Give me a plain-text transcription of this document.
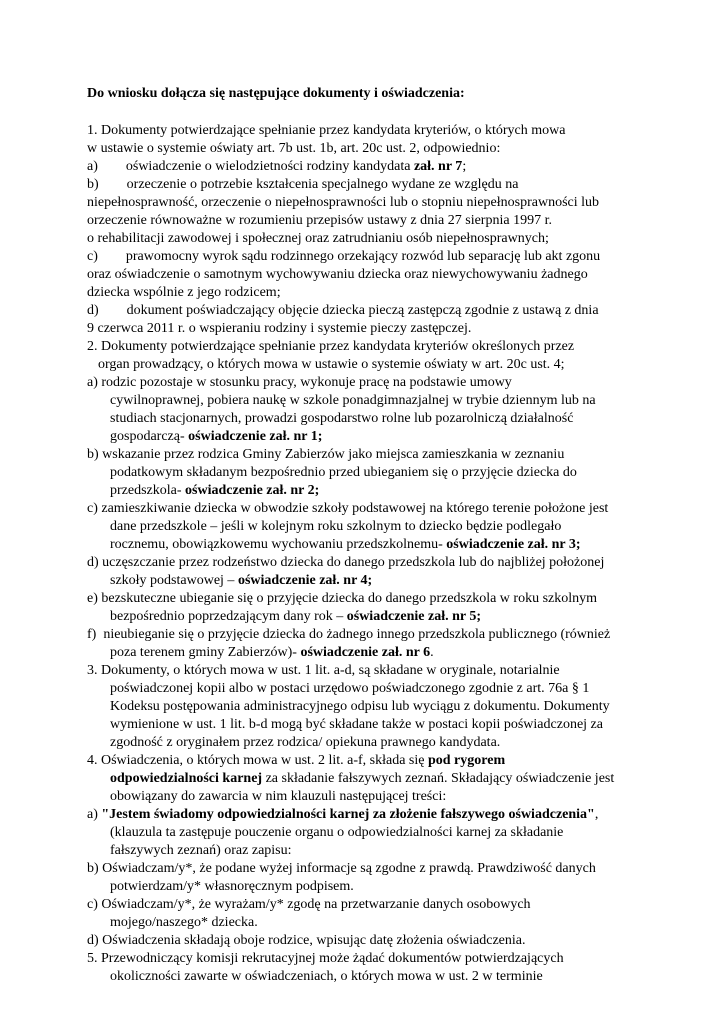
Do wniosku dołącza się następujące dokumenty i oświadczenia:
1. Dokumenty potwierdzające spełnianie przez kandydata kryteriów, o których mowa
w ustawie o systemie oświaty art. 7b ust. 1b, art. 20c ust. 2, odpowiednio:
a)        oświadczenie o wielodzietności rodziny kandydata zał. nr 7;
b)        orzeczenie o potrzebie kształcenia specjalnego wydane ze względu na
niepełnosprawność, orzeczenie o niepełnosprawności lub o stopniu niepełnosprawności lub
orzeczenie równoważne w rozumieniu przepisów ustawy z dnia 27 sierpnia 1997 r.
o rehabilitacji zawodowej i społecznej oraz zatrudnianiu osób niepełnosprawnych;
c)        prawomocny wyrok sądu rodzinnego orzekający rozwód lub separację lub akt zgonu
oraz oświadczenie o samotnym wychowywaniu dziecka oraz niewychowywaniu żadnego
dziecka wspólnie z jego rodzicem;
d)        dokument poświadczający objęcie dziecka pieczą zastępczą zgodnie z ustawą z dnia
9 czerwca 2011 r. o wspieraniu rodziny i systemie pieczy zastępczej.
2. Dokumenty potwierdzające spełnianie przez kandydata kryteriów określonych przez
organ prowadzący, o których mowa w ustawie o systemie oświaty w art. 20c ust. 4;
a) rodzic pozostaje w stosunku pracy, wykonuje pracę na podstawie umowy
cywilnoprawnej, pobiera naukę w szkole ponadgimnazjalnej w trybie dziennym lub na
studiach stacjonarnych, prowadzi gospodarstwo rolne lub pozarolniczą działalność
gospodarczą- oświadczenie zał. nr 1;
b) wskazanie przez rodzica Gminy Zabierzów jako miejsca zamieszkania w zeznaniu
podatkowym składanym bezpośrednio przed ubieganiem się o przyjęcie dziecka do
przedszkola- oświadczenie zał. nr 2;
c) zamieszkiwanie dziecka w obwodzie szkoły podstawowej na którego terenie położone jest
dane przedszkole – jeśli w kolejnym roku szkolnym to dziecko będzie podlegało
rocznemu, obowiązkowemu wychowaniu przedszkolnemu- oświadczenie zał. nr 3;
d) uczęszczanie przez rodzeństwo dziecka do danego przedszkola lub do najbliżej położonej
szkoły podstawowej – oświadczenie zał. nr 4;
e) bezskuteczne ubieganie się o przyjęcie dziecka do danego przedszkola w roku szkolnym
bezpośrednio poprzedzającym dany rok – oświadczenie zał. nr 5;
f)  nieubieganie się o przyjęcie dziecka do żadnego innego przedszkola publicznego (również
poza terenem gminy Zabierzów)- oświadczenie zał. nr 6.
3. Dokumenty, o których mowa w ust. 1 lit. a-d, są składane w oryginale, notarialnie
poświadczonej kopii albo w postaci urzędowo poświadczonego zgodnie z art. 76a § 1
Kodeksu postępowania administracyjnego odpisu lub wyciągu z dokumentu. Dokumenty
wymienione w ust. 1 lit. b-d mogą być składane także w postaci kopii poświadczonej za
zgodność z oryginałem przez rodzica/ opiekuna prawnego kandydata.
4. Oświadczenia, o których mowa w ust. 2 lit. a-f, składa się pod rygorem
odpowiedzialności karnej za składanie fałszywych zeznań. Składający oświadczenie jest
obowiązany do zawarcia w nim klauzuli następującej treści:
a) "Jestem świadomy odpowiedzialności karnej za złożenie fałszywego oświadczenia",
(klauzula ta zastępuje pouczenie organu o odpowiedzialności karnej za składanie
fałszywych zeznań) oraz zapisu:
b) Oświadczam/y*, że podane wyżej informacje są zgodne z prawdą. Prawdziwość danych
potwierdzam/y* własnoręcznym podpisem.
c) Oświadczam/y*, że wyrażam/y* zgodę na przetwarzanie danych osobowych
mojego/naszego* dziecka.
d) Oświadczenia składają oboje rodzice, wpisując datę złożenia oświadczenia.
5. Przewodniczący komisji rekrutacyjnej może żądać dokumentów potwierdzających
okoliczności zawarte w oświadczeniach, o których mowa w ust. 2 w terminie
